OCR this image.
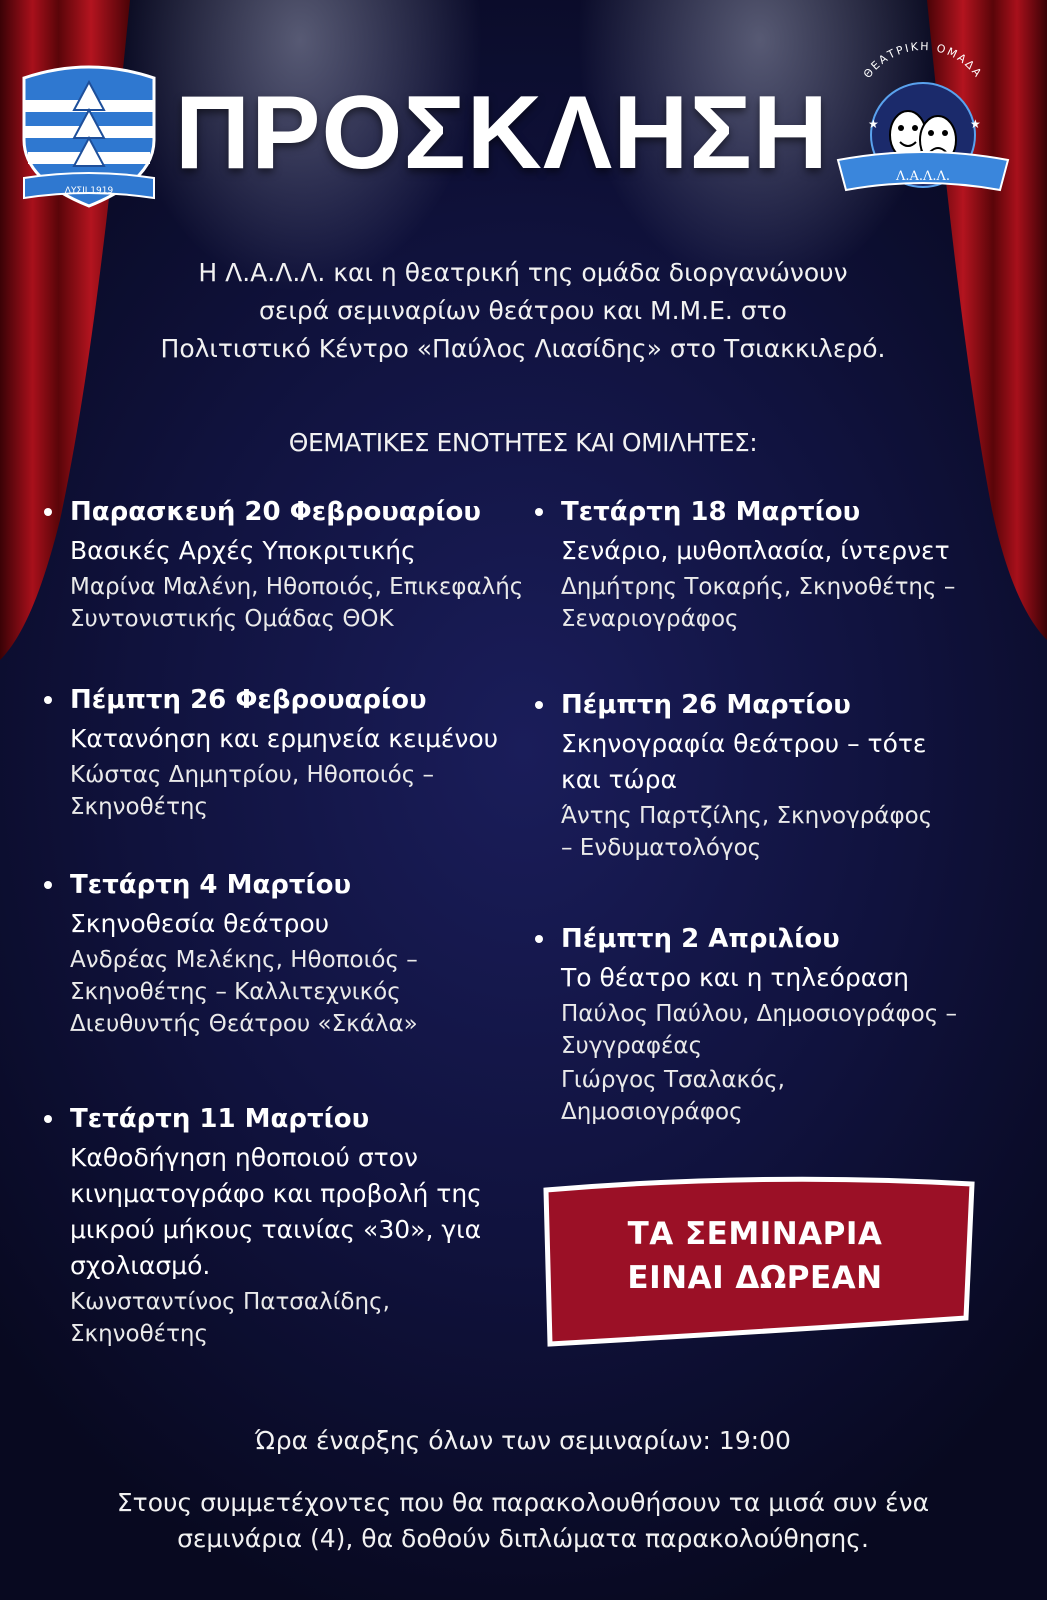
ΛΥΣΙΙ 1919 ΠΡΟΣΚΛΗΣΗ
ΘΕΑΤΡΙΚΗ ΟΜΑΔΑ
★	★
Λ.Α.Λ.Λ.
Η Λ.Α.Λ.Λ. και η θεατρική της ομάδα διοργανώνουν
σειρά σεμιναρίων θεάτρου και Μ.Μ.Ε. στο
Πολιτιστικό Κέντρο «Παύλος Λιασίδης» στο Τσιακκιλερό.
ΘΕΜΑΤΙΚΕΣ ΕΝΟΤΗΤΕΣ ΚΑΙ ΟΜΙΛΗΤΕΣ:
Παρασκευή 20 Φεβρουαρίου
Βασικές Αρχές Υποκριτικής
Μαρίνα Μαλένη, Ηθοποιός, Επικεφαλής Συντονιστικής Ομάδας ΘΟΚ
Πέμπτη 26 Φεβρουαρίου
Κατανόηση και ερμηνεία κειμένου
Κώστας Δημητρίου, Ηθοποιός – Σκηνοθέτης
Τετάρτη 4 Μαρτίου
Σκηνοθεσία θεάτρου
Ανδρέας Μελέκης, Ηθοποιός – Σκηνοθέτης – Καλλιτεχνικός Διευθυντής Θεάτρου «Σκάλα»
Τετάρτη 11 Μαρτίου
Καθοδήγηση ηθοποιού στον κινηματογράφο και προβολή της μικρού μήκους ταινίας «30», για σχολιασμό.
Κωνσταντίνος Πατσαλίδης, Σκηνοθέτης
Τετάρτη 18 Μαρτίου
Σενάριο, μυθοπλασία, ίντερνετ
Δημήτρης Τοκαρής, Σκηνοθέτης – Σεναριογράφος
Πέμπτη 26 Μαρτίου
Σκηνογραφία θεάτρου – τότε και τώρα
Άντης Παρτζίλης, Σκηνογράφος – Ενδυματολόγος
Πέμπτη 2 Απριλίου
Το θέατρο και η τηλεόραση
Παύλος Παύλου, Δημοσιογράφος – Συγγραφέας
Γιώργος Τσαλακός, Δημοσιογράφος
ΤΑ ΣΕΜΙΝΑΡΙΑ
ΕΙΝΑΙ ΔΩΡΕΑΝ
Ώρα έναρξης όλων των σεμιναρίων: 19:00
Στους συμμετέχοντες που θα παρακολουθήσουν τα μισά συν ένα
σεμινάρια (4), θα δοθούν διπλώματα παρακολούθησης.
